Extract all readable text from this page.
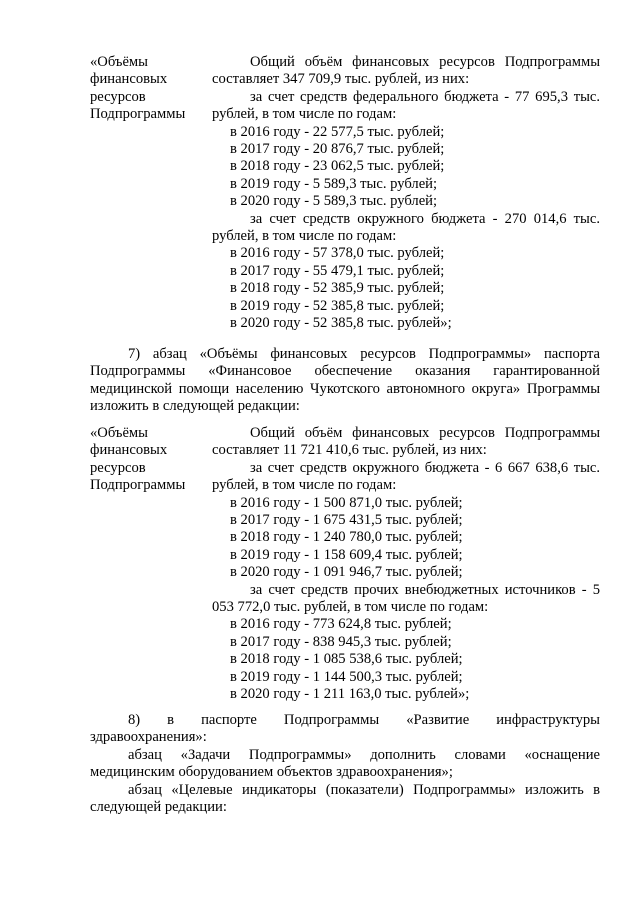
«Объёмы
финансовых
ресурсов
Подпрограммы

Общий объём финансовых ресурсов Подпрограммы составляет 347 709,9 тыс. рублей, из них:

за счет средств федерального бюджета - 77 695,3 тыс. рублей, в том числе по годам:

в 2016 году - 22 577,5 тыс. рублей;

в 2017 году - 20 876,7 тыс. рублей;

в 2018 году - 23 062,5 тыс. рублей;

в 2019 году - 5 589,3 тыс. рублей;

в 2020 году - 5 589,3 тыс. рублей;

за счет средств окружного бюджета - 270 014,6 тыс. рублей, в том числе по годам:

в 2016 году - 57 378,0 тыс. рублей;

в 2017 году - 55 479,1 тыс. рублей;

в 2018 году - 52 385,9 тыс. рублей;

в 2019 году - 52 385,8 тыс. рублей;

в 2020 году - 52 385,8 тыс. рублей»;

7) абзац «Объёмы финансовых ресурсов Подпрограммы» паспорта Подпрограммы «Финансовое обеспечение оказания гарантированной медицинской помощи населению Чукотского автономного округа» Программы изложить в следующей редакции:

«Объёмы
финансовых
ресурсов
Подпрограммы

Общий объём финансовых ресурсов Подпрограммы составляет 11 721 410,6 тыс. рублей, из них:

за счет средств окружного бюджета - 6 667 638,6 тыс. рублей, в том числе по годам:

в 2016 году - 1 500 871,0 тыс. рублей;

в 2017 году - 1 675 431,5 тыс. рублей;

в 2018 году - 1 240 780,0 тыс. рублей;

в 2019 году - 1 158 609,4 тыс. рублей;

в 2020 году - 1 091 946,7 тыс. рублей;

за счет средств прочих внебюджетных источников - 5 053 772,0 тыс. рублей, в том числе по годам:

в 2016 году - 773 624,8 тыс. рублей;

в 2017 году - 838 945,3 тыс. рублей;

в 2018 году - 1 085 538,6 тыс. рублей;

в 2019 году - 1 144 500,3 тыс. рублей;

в 2020 году - 1 211 163,0 тыс. рублей»;

8) в паспорте Подпрограммы «Развитие инфраструктуры здравоохранения»:

абзац «Задачи Подпрограммы» дополнить словами «оснащение медицинским оборудованием объектов здравоохранения»;

абзац «Целевые индикаторы (показатели) Подпрограммы» изложить в следующей редакции:
